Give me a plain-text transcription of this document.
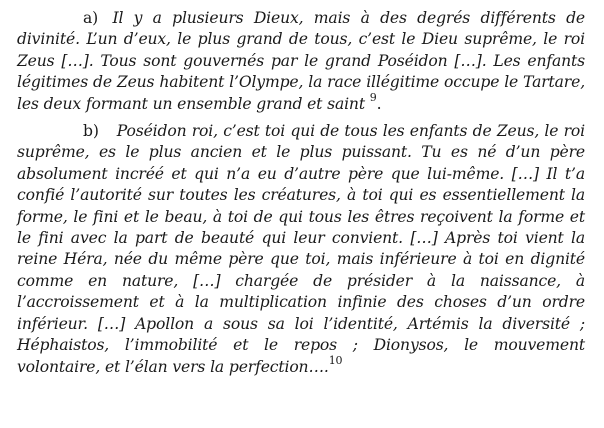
a) Il y a plusieurs Dieux, mais à des degrés différents de divinité. L’un d’eux, le plus grand de tous, c’est le Dieu suprême, le roi Zeus […]. Tous sont gouvernés par le grand Poséidon […]. Les enfants légitimes de Zeus habitent l’Olympe, la race illégitime occupe le Tartare, les deux formant un ensemble grand et saint $^9$.

b) Poséidon roi, c’est toi qui de tous les enfants de Zeus, le roi suprême, es le plus ancien et le plus puissant. Tu es né d’un père absolument incréé et qui n’a eu d’autre père que lui-même. […] Il t’a confié l’autorité sur toutes les créatures, à toi qui es essentiellement la forme, le fini et le beau, à toi de qui tous les êtres reçoivent la forme et le fini avec la part de beauté qui leur convient. […] Après toi vient la reine Héra, née du même père que toi, mais inférieure à toi en dignité comme en nature, […] chargée de présider à la naissance, à l’accroissement et à la multiplication infinie des choses d’un ordre inférieur. […] Apollon a sous sa loi l’identité, Artémis la diversité ; Héphaistos, l’immobilité et le repos ; Dionysos, le mouvement volontaire, et l’élan vers la perfection….$^{10}$
